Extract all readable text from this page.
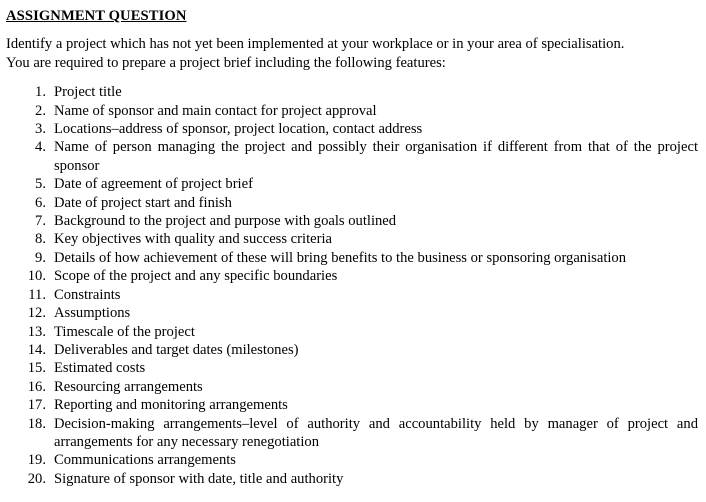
ASSIGNMENT QUESTION

Identify a project which has not yet been implemented at your workplace or in your area of specialisation.

You are required to prepare a project brief including the following features:

1. Project title
2. Name of sponsor and main contact for project approval
3. Locations–address of sponsor, project location, contact address
4. Name of person managing the project and possibly their organisation if different from that of the project sponsor
5. Date of agreement of project brief
6. Date of project start and finish
7. Background to the project and purpose with goals outlined
8. Key objectives with quality and success criteria
9. Details of how achievement of these will bring benefits to the business or sponsoring organisation
10. Scope of the project and any specific boundaries
11. Constraints
12. Assumptions
13. Timescale of the project
14. Deliverables and target dates (milestones)
15. Estimated costs
16. Resourcing arrangements
17. Reporting and monitoring arrangements
18. Decision-making arrangements–level of authority and accountability held by manager of project and arrangements for any necessary renegotiation
19. Communications arrangements
20. Signature of sponsor with date, title and authority
